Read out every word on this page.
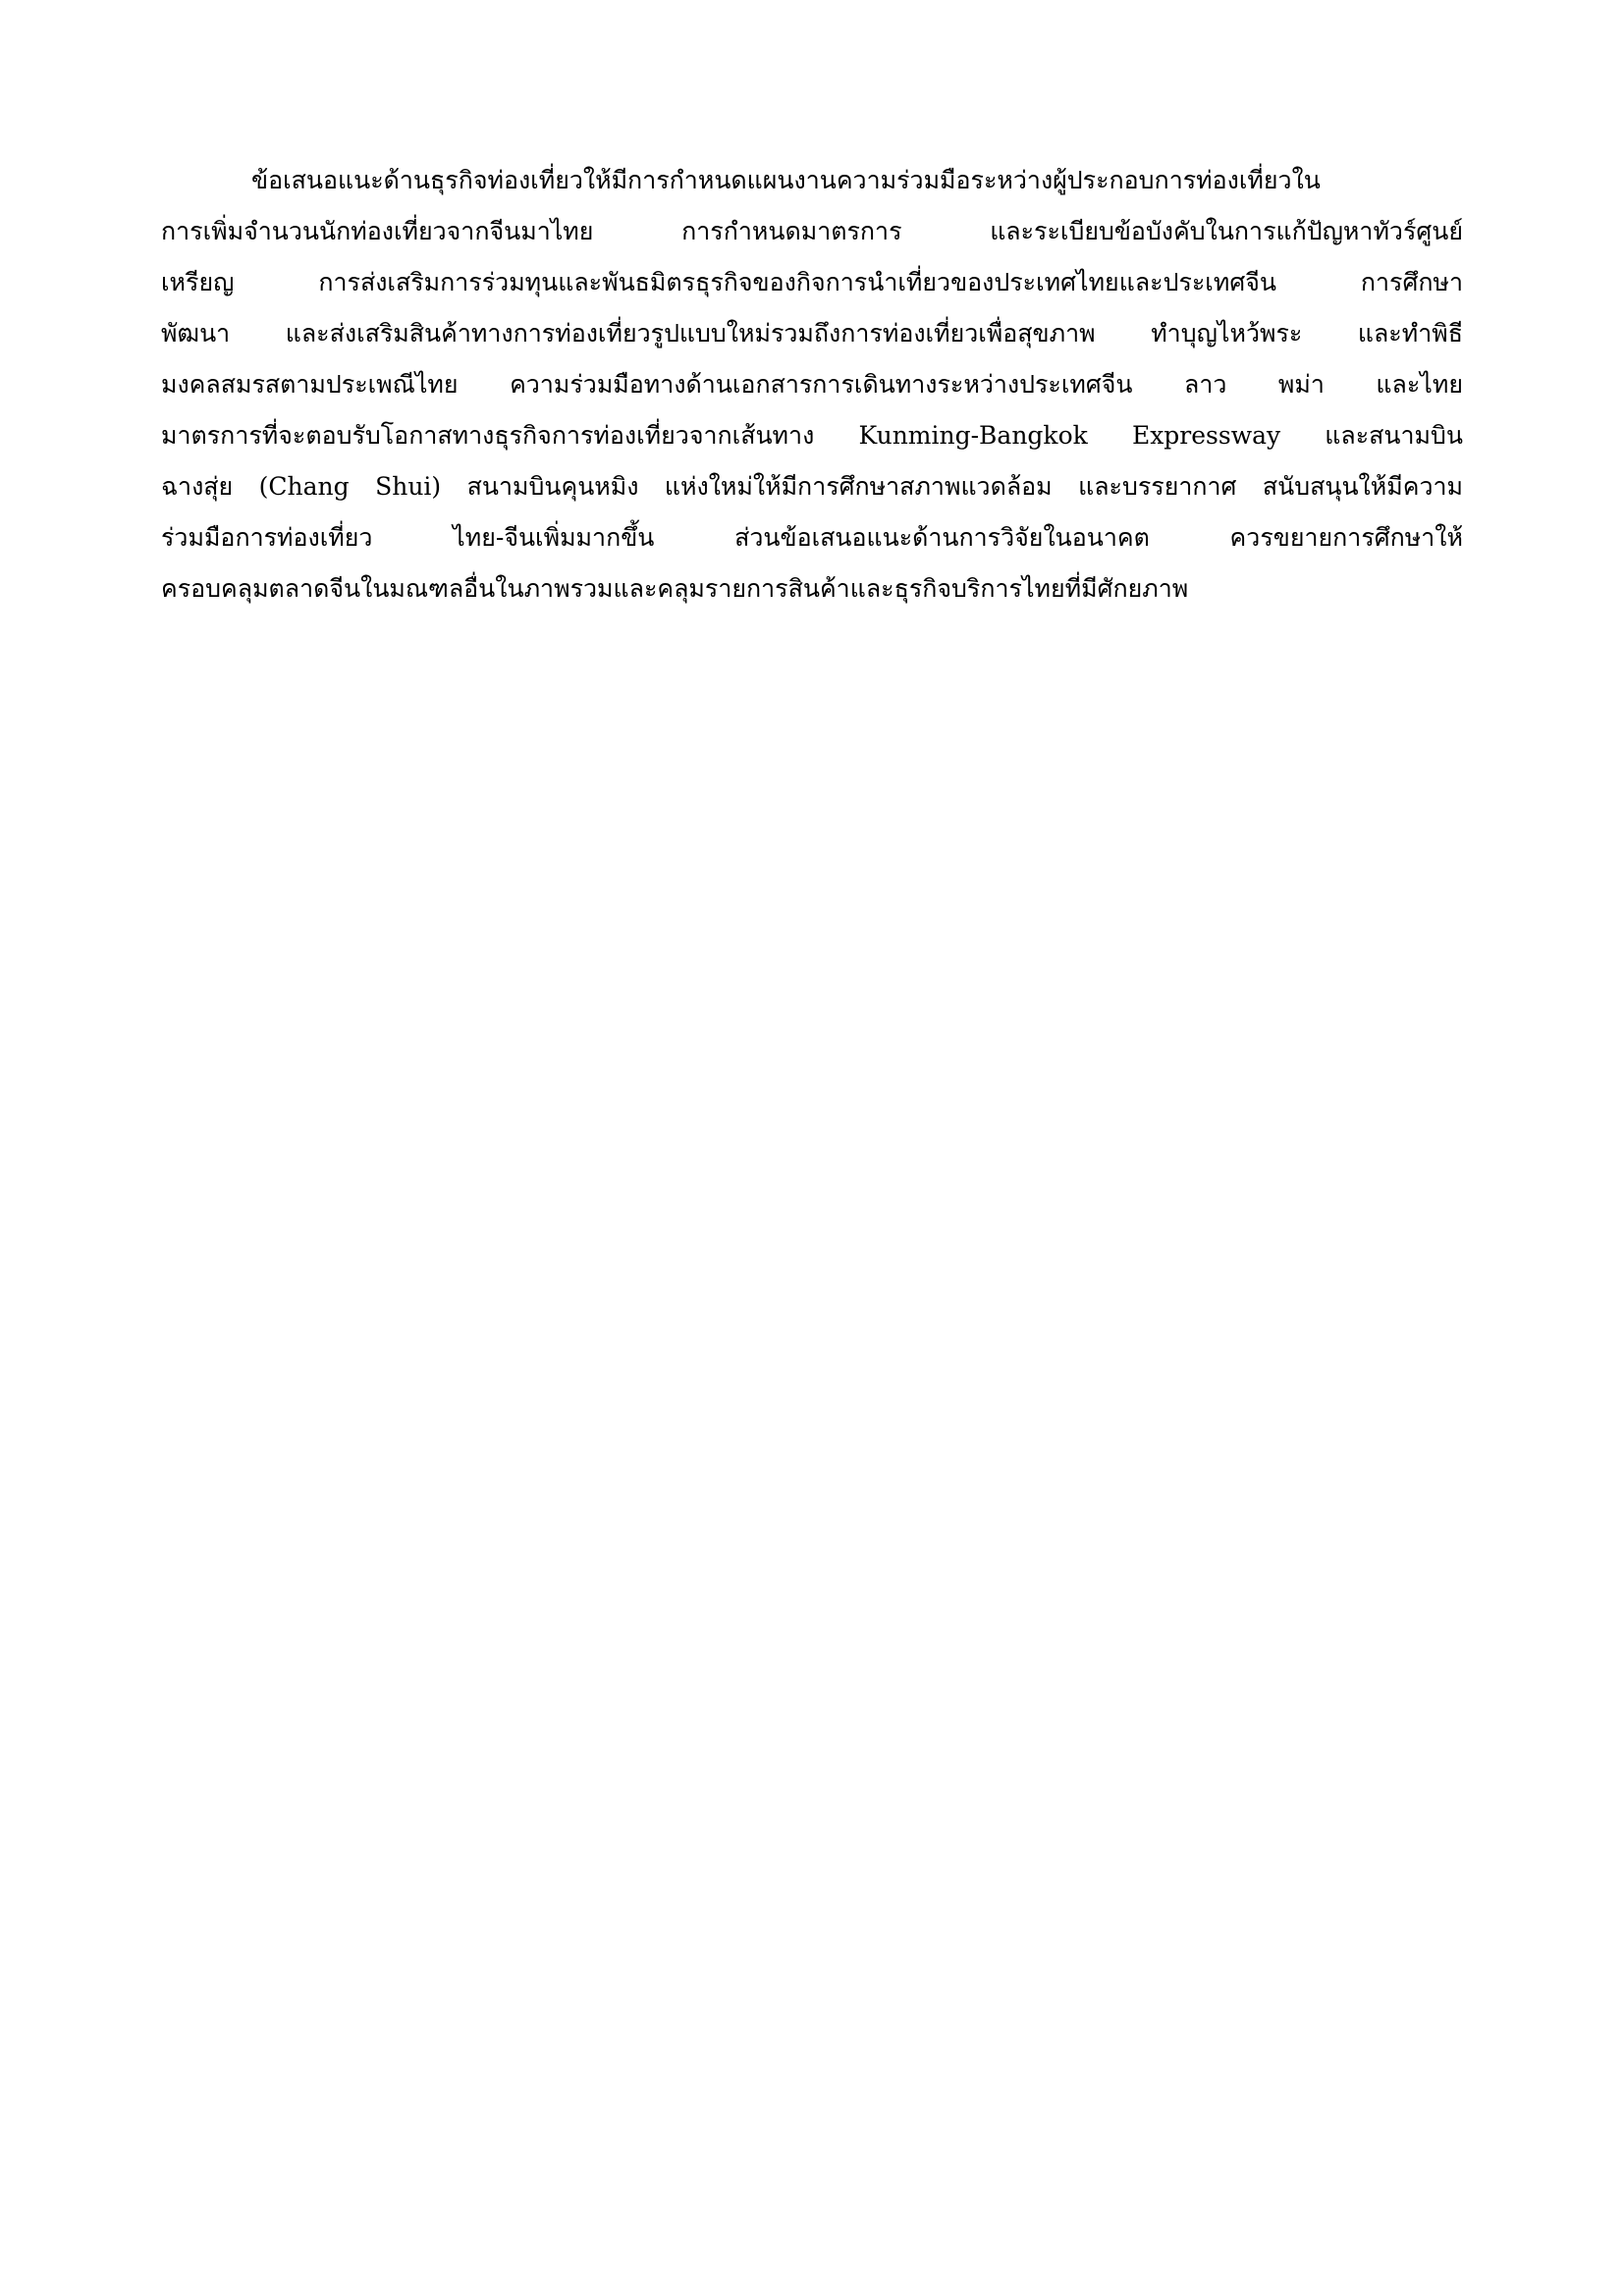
ข้อเสนอแนะด้านธุรกิจท่องเที่ยวให้มีการกำหนดแผนงานความร่วมมือระหว่างผู้ประกอบการท่องเที่ยวใน
การเพิ่มจำนวนนักท่องเที่ยวจากจีนมาไทย การกำหนดมาตรการ และระเบียบข้อบังคับในการแก้ปัญหาทัวร์ศูนย์
เหรียญ การส่งเสริมการร่วมทุนและพันธมิตรธุรกิจของกิจการนำเที่ยวของประเทศไทยและประเทศจีน การศึกษา
พัฒนา และส่งเสริมสินค้าทางการท่องเที่ยวรูปแบบใหม่รวมถึงการท่องเที่ยวเพื่อสุขภาพ ทำบุญไหว้พระ และทำพิธี
มงคลสมรสตามประเพณีไทย ความร่วมมือทางด้านเอกสารการเดินทางระหว่างประเทศจีน ลาว พม่า และไทย
มาตรการที่จะตอบรับโอกาสทางธุรกิจการท่องเที่ยวจากเส้นทาง Kunming-Bangkok Expressway และสนามบิน
ฉางสุ่ย (Chang Shui) สนามบินคุนหมิง แห่งใหม่ให้มีการศึกษาสภาพแวดล้อม และบรรยากาศ สนับสนุนให้มีความ
ร่วมมือการท่องเที่ยว ไทย-จีนเพิ่มมากขึ้น ส่วนข้อเสนอแนะด้านการวิจัยในอนาคต ควรขยายการศึกษาให้
ครอบคลุมตลาดจีนในมณฑลอื่นในภาพรวมและคลุมรายการสินค้าและธุรกิจบริการไทยที่มีศักยภาพ
